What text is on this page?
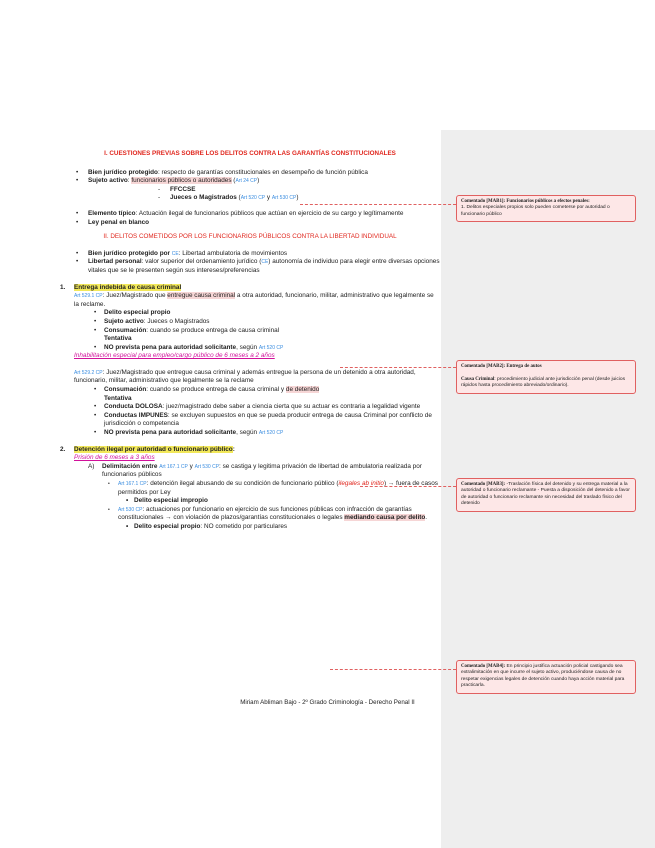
I. CUESTIONES PREVIAS SOBRE LOS DELITOS CONTRA LAS GARANTÍAS CONSTITUCIONALES
• Bien jurídico protegido: respecto de garantías constitucionales en desempeño de función pública
• Sujeto activo: funcionarios públicos o autoridades (Art 24 CP)
- FFCCSE
- Jueces o Magistrados (Art 520 CP y Art 530 CP)
• Elemento típico: Actuación ilegal de funcionarios públicos que actúan en ejercicio de su cargo y legítimamente
• Ley penal en blanco
II. DELITOS COMETIDOS POR LOS FUNCIONARIOS PÚBLICOS CONTRA LA LIBERTAD INDIVIDUAL
• Bien jurídico protegido por CE: Libertad ambulatoria de movimientos
• Libertad personal: valor superior del ordenamiento jurídico (CE) autonomía de individuo para elegir entre diversas opciones vitales que se le presenten según sus intereses/preferencias
1. Entrega indebida de causa criminal
Art 529.1 CP: Juez/Magistrado que entregue causa criminal a otra autoridad, funcionario, militar, administrativo que legalmente se la reclame.
• Delito especial propio
• Sujeto activo: Jueces o Magistrados
• Consumación: cuando se produce entrega de causa criminal
Tentativa
• NO prevista pena para autoridad solicitante, según Art 520 CP
Inhabilitación especial para empleo/cargo público de 6 meses a 2 años
Art 529.2 CP: Juez/Magistrado que entregue causa criminal y además entregue la persona de un detenido a otra autoridad, funcionario, militar, administrativo que legalmente se la reclame
• Consumación: cuando se produce entrega de causa criminal y de detenido
Tentativa
• Conducta DOLOSA: juez/magistrado debe saber a ciencia cierta que su actuar es contraria a legalidad vigente
• Conductas IMPUNES: se excluyen supuestos en que se pueda producir entrega de causa Criminal por conflicto de jurisdicción o competencia
• NO prevista pena para autoridad solicitante, según Art 520 CP
2. Detención ilegal por autoridad o funcionario público:
Prisión de 6 meses a 3 años
A) Delimitación entre Art 167.1 CP y Art 530 CP: se castiga y legitima privación de libertad de ambulatoria realizada por funcionarios públicos
• Art 167.1 CP: detención ilegal abusando de su condición de funcionario público (ilegales ab initio) → fuera de casos permitidos por Ley
• Delito especial impropio
• Art 530 CP: actuaciones por funcionario en ejercicio de sus funciones públicas con infracción de garantías constitucionales → con violación de plazos/garantías constitucionales o legales mediando causa por delito.
• Delito especial propio: NO cometido por particulares
Miriam Abliman Bajo - 2º Grado Criminología - Derecho Penal II
Comentado [MAB1]: Funcionarios públicos a efectos penales:
1. Delitos especiales propios solo pueden cometerse por autoridad o funcionario público
Comentado [MAB2]: Entrega de autos

Causa Criminal: procedimiento judicial ante jurisdicción penal (desde juicios rápidos hasta procedimiento abreviado/ordinario).
Comentado [MAB3]: -Traslación física del detenido y su entrega material a la autoridad o funcionario reclamante - Puesta a disposición del detenido a favor de autoridad o funcionario reclamante sin necesidad del traslado físico del detenido
Comentado [MAB4]: En principio justifica actuación policial castigando sea extralimitación en que incurre el sujeto activo, produciéndose causa de no respetar exigencias legales de detención cuando haya acción material para practicarla.
